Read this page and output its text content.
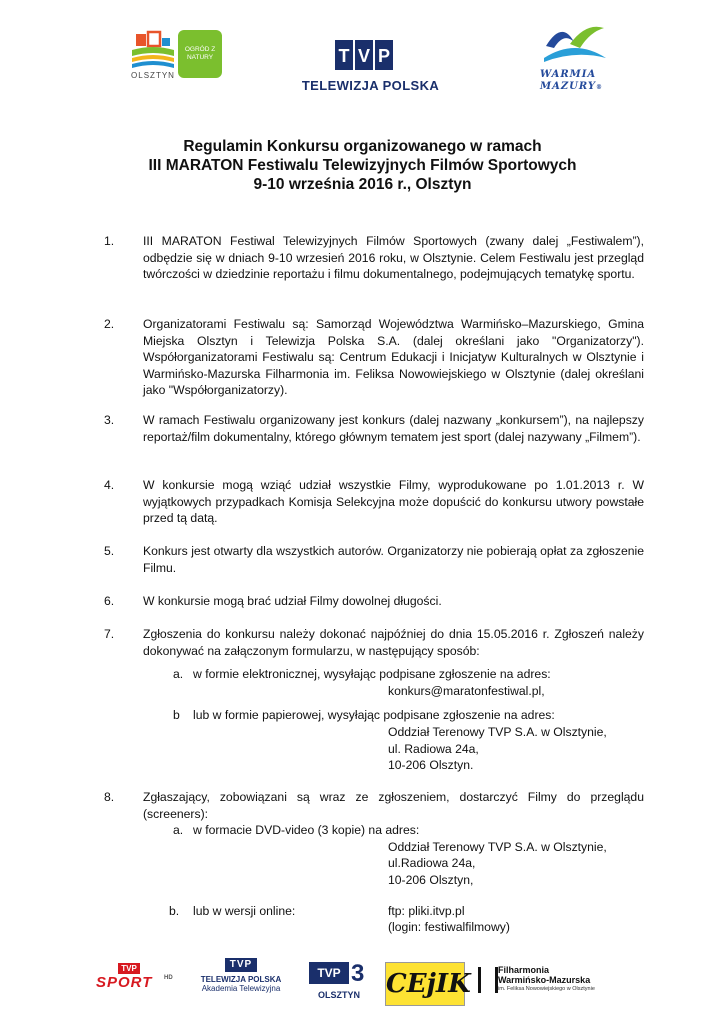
OLSZTYN
OGRÓD Z NATURY	T V P
TELEWIZJA POLSKA
WARMIA
MAZURY®
Regulamin Konkursu organizowanego w ramach
III MARATON Festiwalu Telewizyjnych Filmów Sportowych
9-10 września 2016 r., Olsztyn
1.	III MARATON Festiwal Telewizyjnych Filmów Sportowych (zwany dalej „Festiwalem”), odbędzie się w dniach 9-10 wrzesień 2016 roku, w Olsztynie. Celem Festiwalu jest przegląd twórczości w dziedzinie reportażu i filmu dokumentalnego, podejmujących tematykę sportu.
2.	Organizatorami Festiwalu są: Samorząd Województwa Warmińsko–Mazurskiego, Gmina Miejska Olsztyn i Telewizja Polska S.A. (dalej określani jako "Organizatorzy"). Współorganizatorami Festiwalu są: Centrum Edukacji i Inicjatyw Kulturalnych w Olsztynie i Warmińsko-Mazurska Filharmonia im. Feliksa Nowowiejskiego w Olsztynie (dalej określani jako "Współorganizatorzy).
3.	W ramach Festiwalu organizowany jest konkurs (dalej nazwany „konkursem”), na najlepszy reportaż/film dokumentalny, którego głównym tematem jest sport (dalej nazywany „Filmem”).
4.	W konkursie mogą wziąć udział wszystkie Filmy, wyprodukowane po 1.01.2013 r. W wyjątkowych przypadkach Komisja Selekcyjna może dopuścić do konkursu utwory powstałe przed tą datą.
5.	Konkurs jest otwarty dla wszystkich autorów. Organizatorzy nie pobierają opłat za zgłoszenie Filmu.
6.	W konkursie mogą brać udział Filmy dowolnej długości.
7.	Zgłoszenia do konkursu należy dokonać najpóźniej do dnia 15.05.2016 r. Zgłoszeń należy dokonywać na załączonym formularzu, w następujący sposób:
a. w formie elektronicznej, wysyłając podpisane zgłoszenie na adres:
konkurs@maratonfestiwal.pl,
b lub w formie papierowej, wysyłając podpisane zgłoszenie na adres:
Oddział Terenowy TVP S.A. w Olsztynie,
ul. Radiowa 24a,
10-206 Olsztyn.
8.	Zgłaszający, zobowiązani są wraz ze zgłoszeniem, dostarczyć Filmy do przeglądu (screeners):
a. w formacie DVD-video (3 kopie) na adres:
Oddział Terenowy TVP S.A. w Olsztynie,
ul.Radiowa 24a,
10-206 Olsztyn,
b. lub w wersji online:	ftp: pliki.itvp.pl
(login: festiwalfilmowy)
TVP
SPORT HD
TVP
TELEWIZJA POLSKA
Akademia Telewizyjna
TVP 3
OLSZTYN	CEjIK	Filharmonia
Warmińsko-Mazurska
im. Feliksa Nowowiejskiego w Olsztynie
